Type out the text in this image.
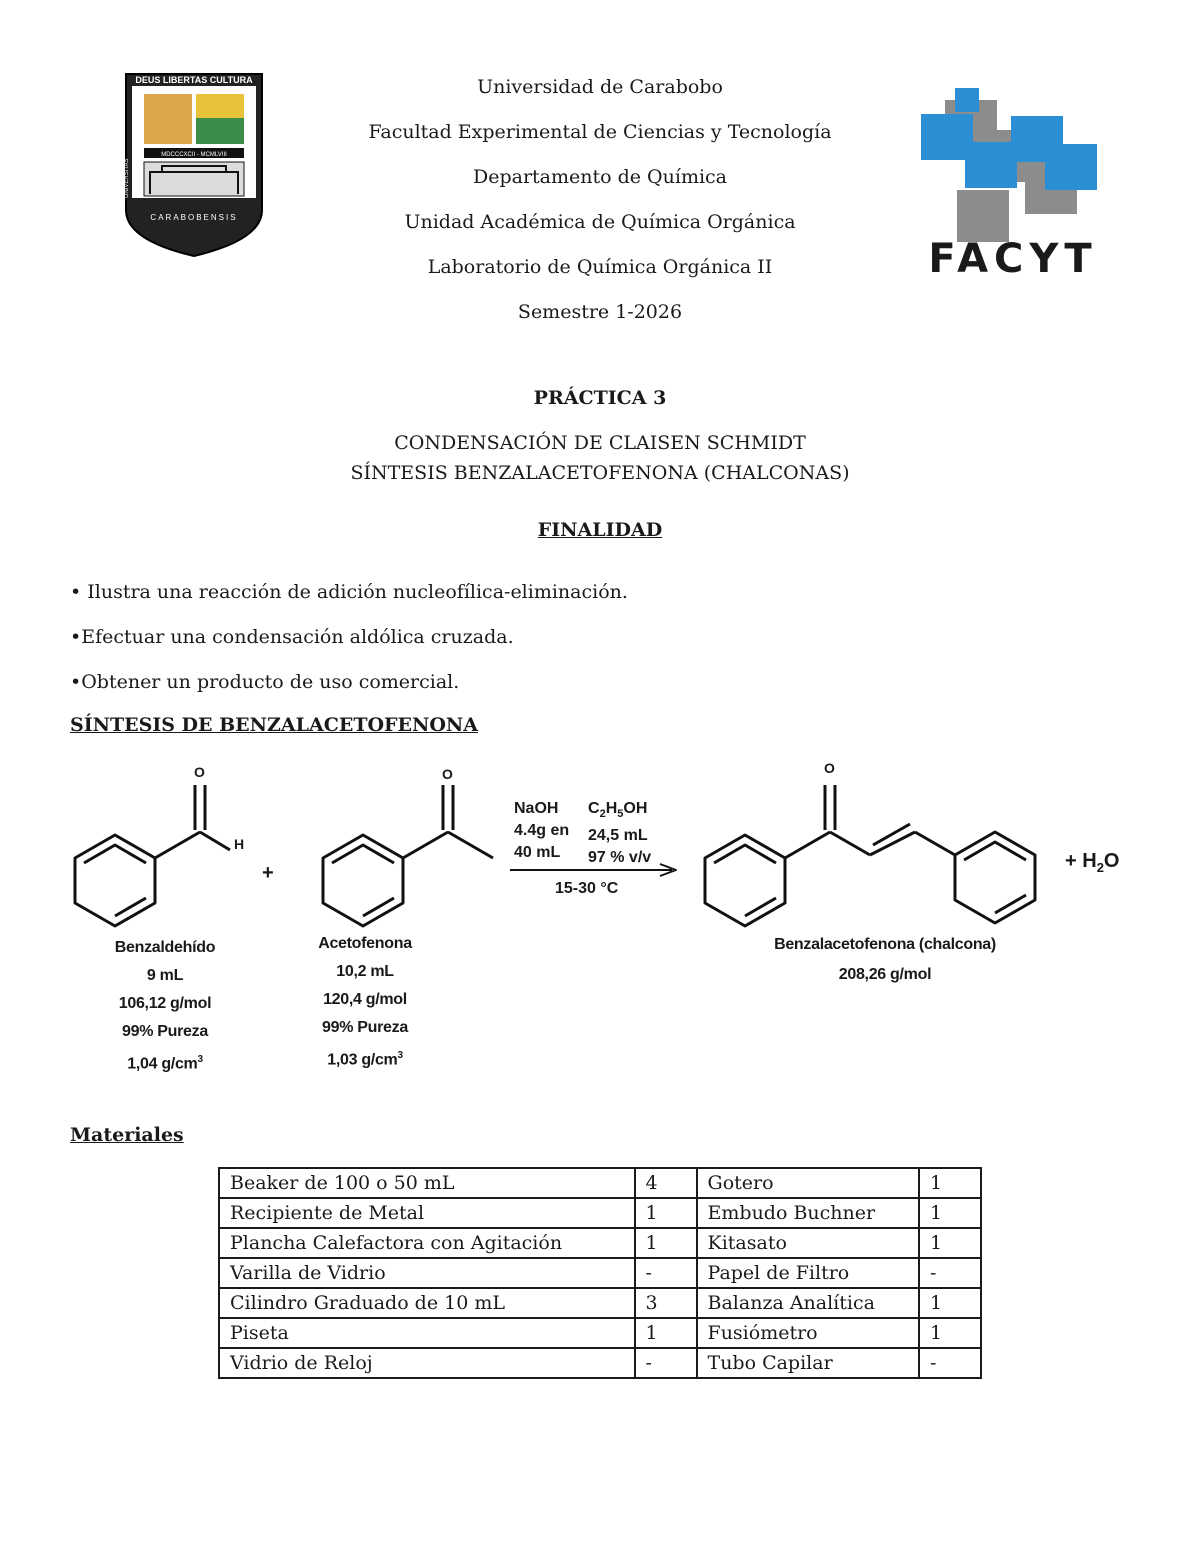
DEUS LIBERTAS CULTURA
MDCCCXCII - MCMLVIII
CARABOBENSIS
UNIVERSITAS
Universidad de Carabobo
Facultad Experimental de Ciencias y Tecnología
Departamento de Química
Unidad Académica de Química Orgánica
Laboratorio de Química Orgánica II
Semestre 1-2026
FACYT
PRÁCTICA 3
CONDENSACIÓN DE CLAISEN SCHMIDT
SÍNTESIS BENZALACETOFENONA (CHALCONAS)
FINALIDAD
• Ilustra una reacción de adición nucleofílica-eliminación.
•Efectuar una condensación aldólica cruzada.
•Obtener un producto de uso comercial.
SÍNTESIS DE BENZALACETOFENONA
O
H
O	O
+
NaOH
4.4g en
40 mL
$C_2H_5OH$
24,5 mL
97 % v/v
15-30 °C
+ $H_2O$
Benzaldehído
9 mL
106,12 g/mol
99% Pureza
1,04 $g/cm^3$
Acetofenona
10,2 mL
120,4 g/mol
99% Pureza
1,03 $g/cm^3$
Benzalacetofenona (chalcona)
208,26 g/mol
Materiales
Beaker de 100 o 50 mL	4	Gotero	1
Recipiente de Metal	1	Embudo Buchner	1
Plancha Calefactora con Agitación	1	Kitasato	1
Varilla de Vidrio	-	Papel de Filtro	-
Cilindro Graduado de 10 mL	3	Balanza Analítica	1
Piseta	1	Fusiómetro	1
Vidrio de Reloj	-	Tubo Capilar	-
